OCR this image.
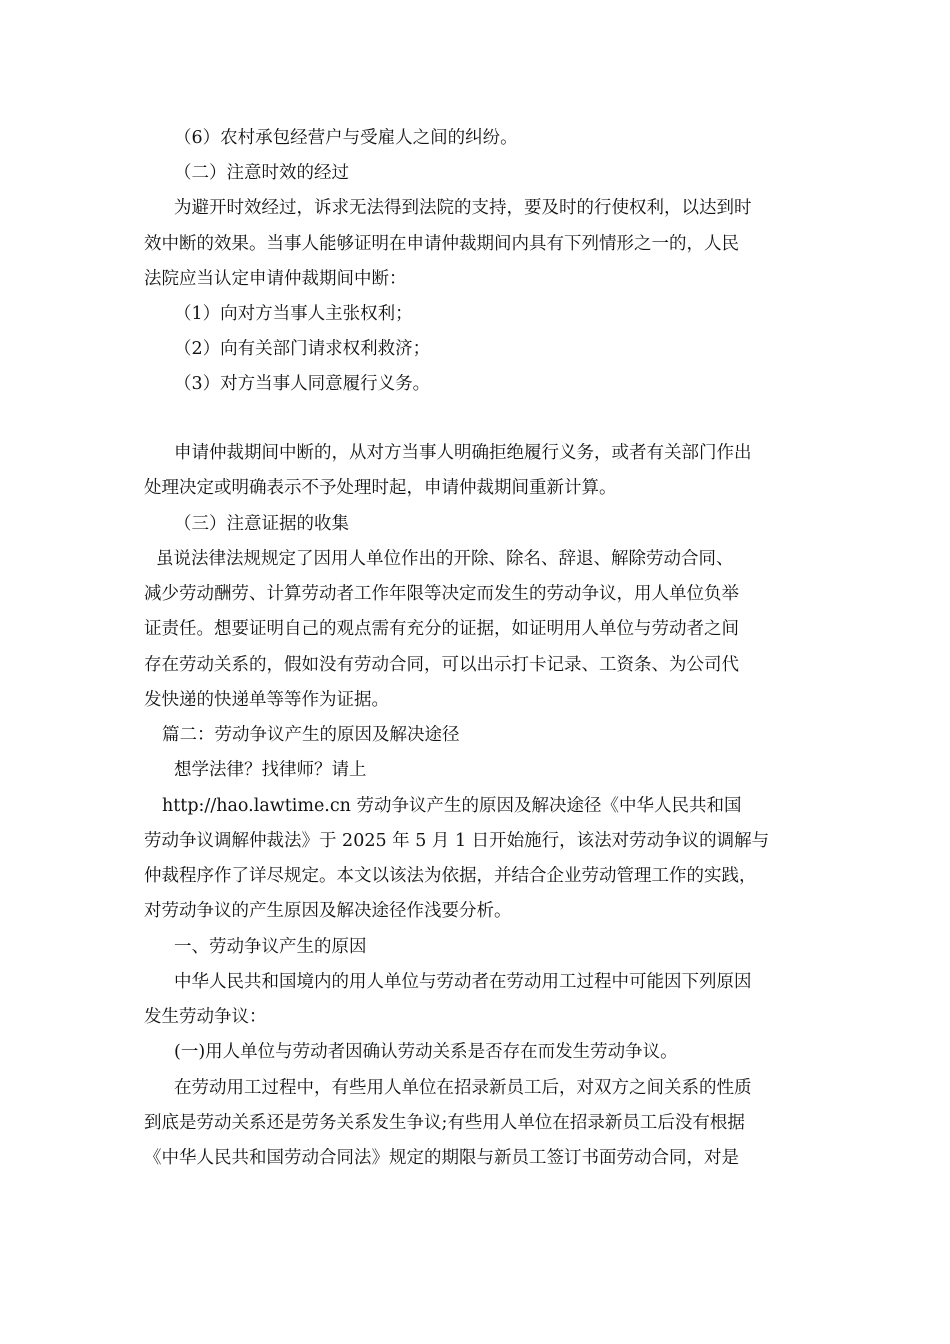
（6）农村承包经营户与受雇人之间的纠纷。
（二）注意时效的经过
为避开时效经过，诉求无法得到法院的支持，要及时的行使权利，以达到时
效中断的效果。当事人能够证明在申请仲裁期间内具有下列情形之一的，人民
法院应当认定申请仲裁期间中断：
（1）向对方当事人主张权利；
（2）向有关部门请求权利救济；
（3）对方当事人同意履行义务。
申请仲裁期间中断的，从对方当事人明确拒绝履行义务，或者有关部门作出
处理决定或明确表示不予处理时起，申请仲裁期间重新计算。
（三）注意证据的收集
虽说法律法规规定了因用人单位作出的开除、除名、辞退、解除劳动合同、
减少劳动酬劳、计算劳动者工作年限等决定而发生的劳动争议，用人单位负举
证责任。想要证明自己的观点需有充分的证据，如证明用人单位与劳动者之间
存在劳动关系的，假如没有劳动合同，可以出示打卡记录、工资条、为公司代
发快递的快递单等等作为证据。
篇二：劳动争议产生的原因及解决途径
想学法律？找律师？请上
http://hao.lawtime.cn 劳动争议产生的原因及解决途径《中华人民共和国
劳动争议调解仲裁法》于 2025 年 5 月 1 日开始施行，该法对劳动争议的调解与
仲裁程序作了详尽规定。本文以该法为依据，并结合企业劳动管理工作的实践，
对劳动争议的产生原因及解决途径作浅要分析。
一、劳动争议产生的原因
中华人民共和国境内的用人单位与劳动者在劳动用工过程中可能因下列原因
发生劳动争议：
(一)用人单位与劳动者因确认劳动关系是否存在而发生劳动争议。
在劳动用工过程中，有些用人单位在招录新员工后，对双方之间关系的性质
到底是劳动关系还是劳务关系发生争议;有些用人单位在招录新员工后没有根据
《中华人民共和国劳动合同法》规定的期限与新员工签订书面劳动合同，对是
